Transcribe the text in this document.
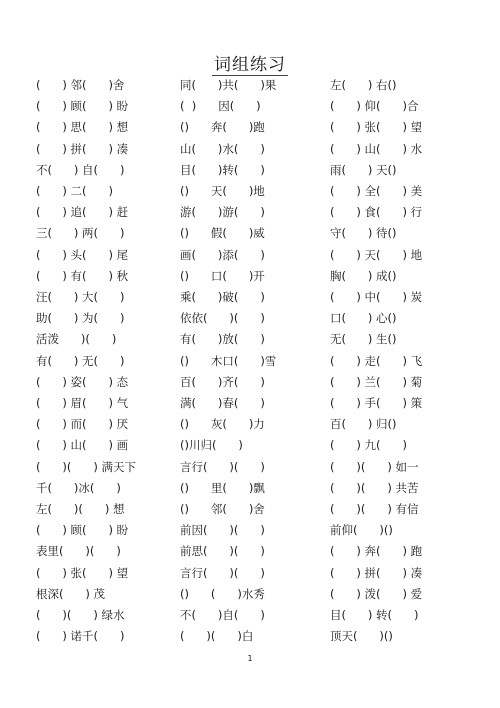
词组练习
(      ) 邻(      )舍	同(      )共(      )果	左(      ) 右()
(      ) 顾(      ) 盼	(  )      因(      )	(      ) 仰(      )合
(      ) 思(      ) 想	()      奔(      )跑	(      ) 张(      ) 望
(      ) 拼(      ) 凑	山(      )水(      )	(      ) 山(      ) 水
不(      ) 自(      )	目(      )转(      )	雨(      ) 天()
(      ) 二(      )	()      天(      )地	(      ) 全(      ) 美
(      ) 追(      ) 赶	游(      )游(      )	(      ) 食(      ) 行
三(      ) 两(      )	()      假(      )威	守(      ) 待()
(      ) 头(      ) 尾	画(      )添(      )	(      ) 天(      ) 地
(      ) 有(      ) 秋	()      口(      )开	胸(      ) 成()
汪(      ) 大(      )	乘(      )破(      )	(      ) 中(      ) 炭
助(      ) 为(      )	依依(      )(      )	口(      ) 心()
活泼      )(      )	有(      )放(      )	无(      ) 生()
有(      ) 无(      )	()      木口(      )雪	(      ) 走(      ) 飞
(      ) 姿(      ) 态	百(      )齐(      )	(      ) 兰(      ) 菊
(      ) 眉(      ) 气	满(      )春(      )	(      ) 手(      ) 策
(      ) 而(      ) 厌	()      灰(      )力	百(      ) 归()
(      ) 山(      ) 画	()川归(      )	(      ) 九(      )
(      )(      ) 满天下	言行(      )(      )	(      )(      ) 如一
千(      )冰(      )	()      里(      )飘	(      )(      ) 共苦
左(      )(      ) 想	()      邻(      )舍	(      )(      ) 有信
(      ) 顾(      ) 盼	前因(      )(      )	前仰(      )()
表里(      )(      )	前思(      )(      )	(      ) 奔(      ) 跑
(      ) 张(      ) 望	言行(      )(      )	(      ) 拼(      ) 凑
根深(      ) 茂	()      (      )水秀	(      ) 泼(      ) 爱
(      )(      ) 绿水	不(      )自(      )	目(      ) 转(      )
(      ) 诺千(      )	(      )(      )白	顶天(      )()
1
